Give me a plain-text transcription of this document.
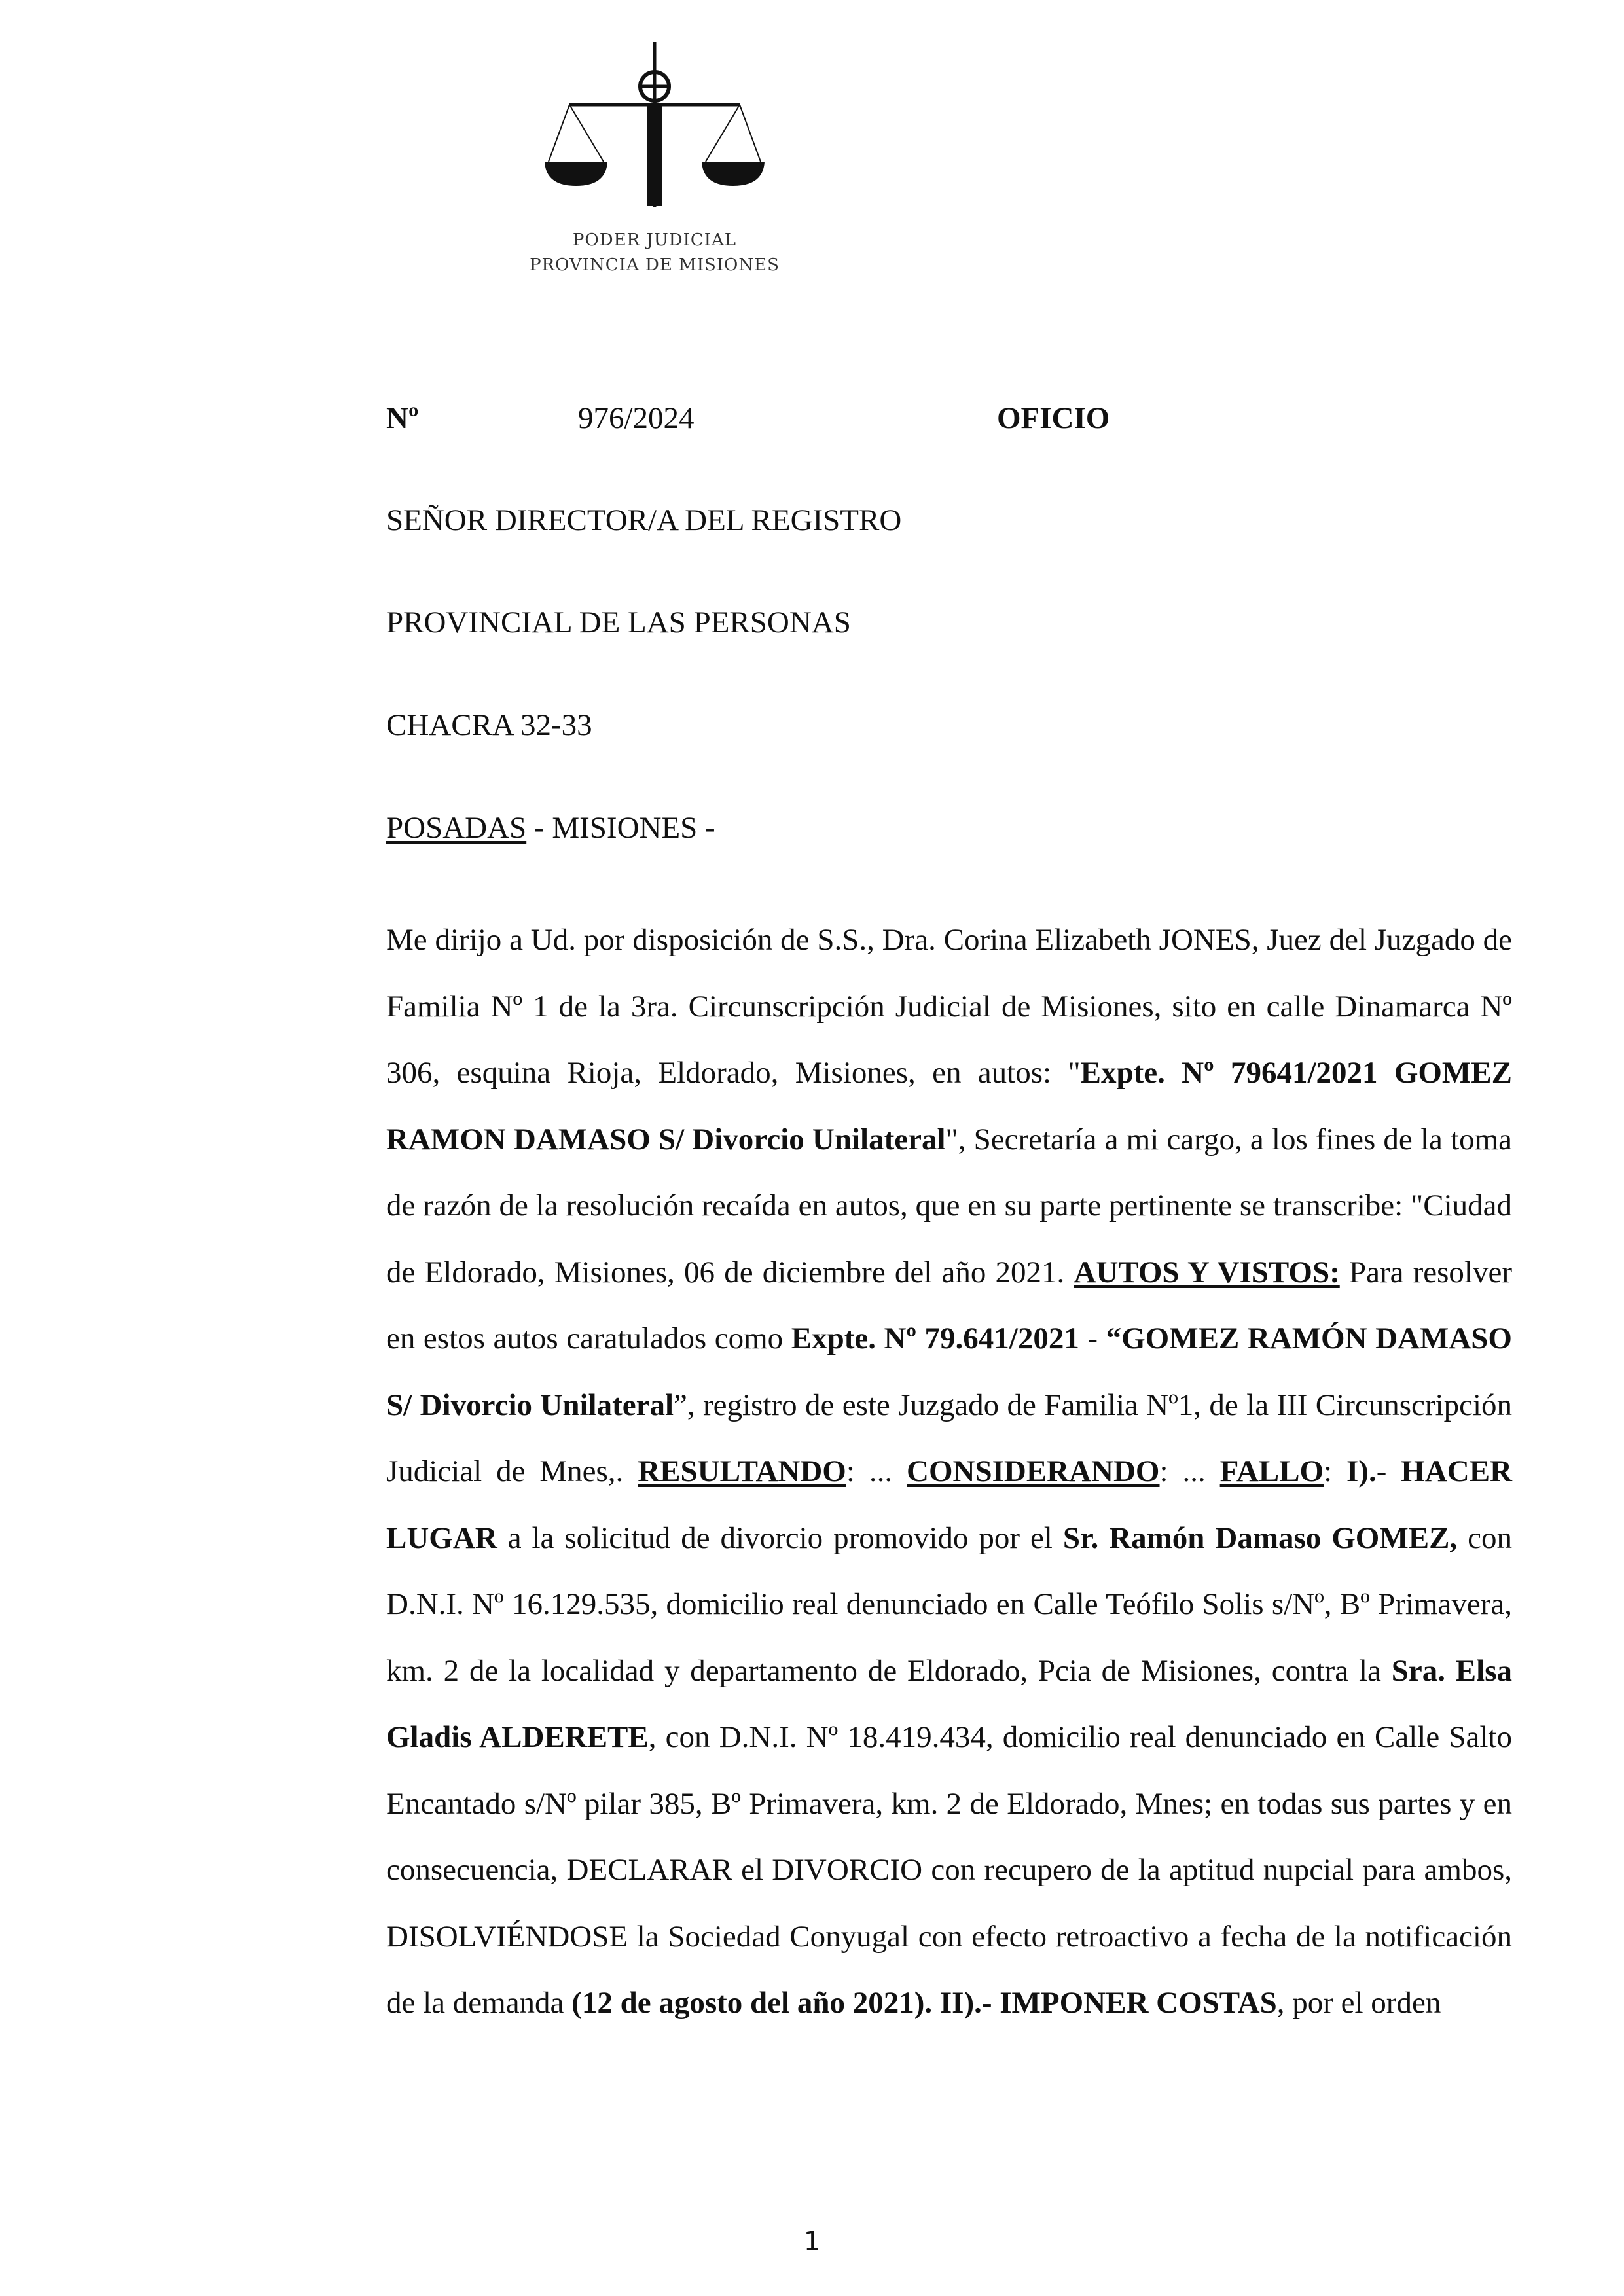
PODER JUDICIAL
PROVINCIA DE MISIONES
Nº	976/2024	OFICIO
SEÑOR DIRECTOR/A DEL REGISTRO
PROVINCIAL DE LAS PERSONAS
CHACRA 32-33
POSADAS - MISIONES -
Me dirijo a Ud. por disposición de S.S., Dra. Corina Elizabeth JONES, Juez del Juzgado de Familia Nº 1 de la 3ra. Circunscripción Judicial de Misiones, sito en calle Dinamarca Nº 306, esquina Rioja, Eldorado, Misiones, en autos: "Expte. Nº 79641/2021 GOMEZ RAMON DAMASO S/ Divorcio Unilateral", Secretaría a mi cargo, a los fines de la toma de razón de la resolución recaída en autos, que en su parte pertinente se transcribe: "Ciudad de Eldorado, Misiones, 06 de diciembre del año 2021. AUTOS Y VISTOS: Para resolver en estos autos caratulados como Expte. Nº 79.641/2021 - “GOMEZ RAMÓN DAMASO S/ Divorcio Unilateral”, registro de este Juzgado de Familia Nº1, de la III Circunscripción Judicial de Mnes,. RESULTANDO: ... CONSIDERANDO: ... FALLO: I).- HACER LUGAR a la solicitud de divorcio promovido por el Sr. Ramón Damaso GOMEZ, con D.N.I. Nº 16.129.535, domicilio real denunciado en Calle Teófilo Solis s/Nº, Bº Primavera, km. 2 de la localidad y departamento de Eldorado, Pcia de Misiones, contra la Sra. Elsa Gladis ALDERETE, con D.N.I. Nº 18.419.434, domicilio real denunciado en Calle Salto Encantado s/Nº pilar 385, Bº Primavera, km. 2 de Eldorado, Mnes; en todas sus partes y en consecuencia, DECLARAR el DIVORCIO con recupero de la aptitud nupcial para ambos, DISOLVIÉNDOSE la Sociedad Conyugal con efecto retroactivo a fecha de la notificación de la demanda (12 de agosto del año 2021). II).- IMPONER COSTAS, por el orden
1
